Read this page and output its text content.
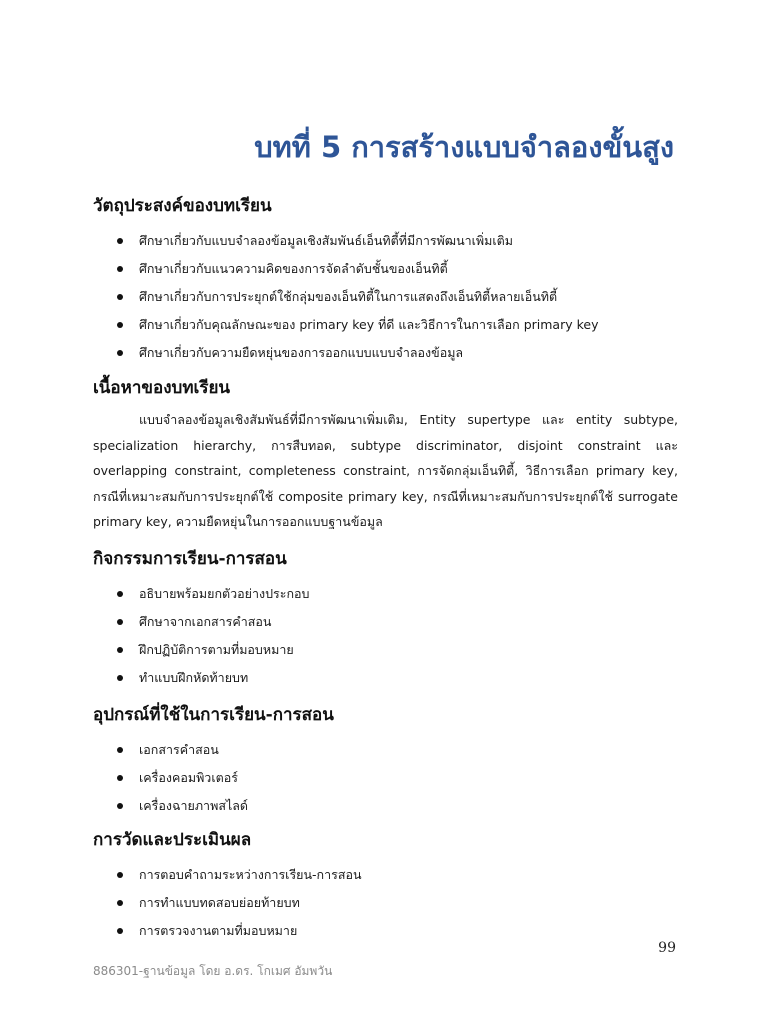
บทที่ 5 การสร้างแบบจำลองขั้นสูง
วัตถุประสงค์ของบทเรียน
ศึกษาเกี่ยวกับแบบจำลองข้อมูลเชิงสัมพันธ์เอ็นทิตี้ที่มีการพัฒนาเพิ่มเติม
ศึกษาเกี่ยวกับแนวความคิดของการจัดลำดับชั้นของเอ็นทิตี้
ศึกษาเกี่ยวกับการประยุกต์ใช้กลุ่มของเอ็นทิตี้ในการแสดงถึงเอ็นทิตี้หลายเอ็นทิตี้
ศึกษาเกี่ยวกับคุณลักษณะของ primary key ที่ดี และวิธีการในการเลือก primary key
ศึกษาเกี่ยวกับความยืดหยุ่นของการออกแบบแบบจำลองข้อมูล
เนื้อหาของบทเรียน

แบบจำลองข้อมูลเชิงสัมพันธ์ที่มีการพัฒนาเพิ่มเติม, Entity supertype และ entity subtype, specialization hierarchy, การสืบทอด, subtype discriminator, disjoint constraint และ overlapping constraint, completeness constraint, การจัดกลุ่มเอ็นทิตี้, วิธีการเลือก primary key, กรณีที่เหมาะสมกับการประยุกต์ใช้ composite primary key, กรณีที่เหมาะสมกับการประยุกต์ใช้ surrogate primary key, ความยืดหยุ่นในการออกแบบฐานข้อมูล

กิจกรรมการเรียน-การสอน
อธิบายพร้อมยกตัวอย่างประกอบ
ศึกษาจากเอกสารคำสอน
ฝึกปฏิบัติการตามที่มอบหมาย
ทำแบบฝึกหัดท้ายบท
อุปกรณ์ที่ใช้ในการเรียน-การสอน
เอกสารคำสอน
เครื่องคอมพิวเตอร์
เครื่องฉายภาพสไลด์
การวัดและประเมินผล
การตอบคำถามระหว่างการเรียน-การสอน
การทำแบบทดสอบย่อยท้ายบท
การตรวจงานตามที่มอบหมาย
99
886301-ฐานข้อมูล โดย อ.ดร. โกเมศ อัมพวัน
